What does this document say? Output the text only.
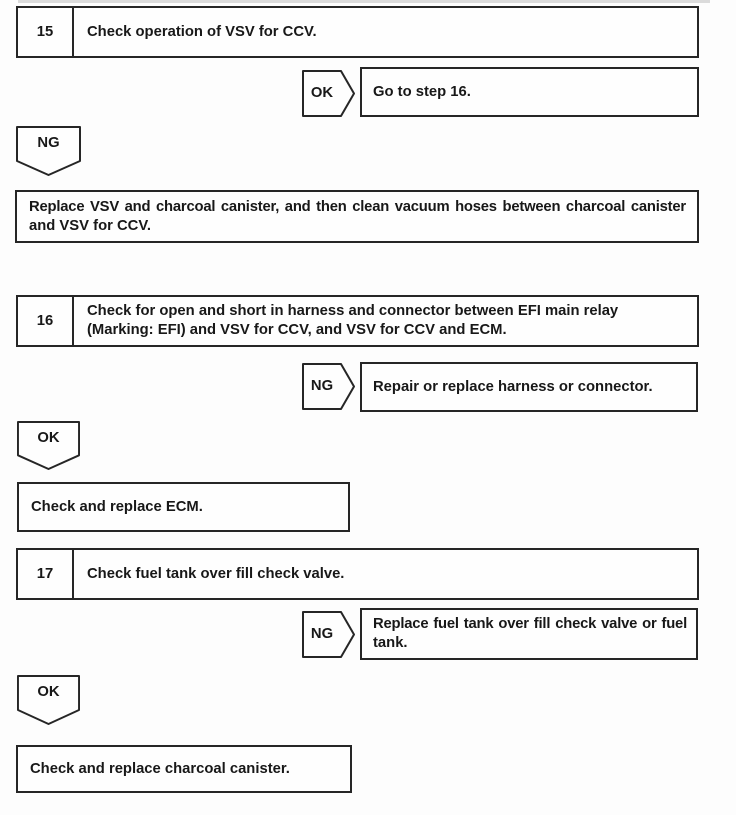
15	Check operation of VSV for CCV.
OK	Go to step 16.
NG
Replace VSV and charcoal canister, and then clean vacuum hoses between charcoal canister
and VSV for CCV.
16
Check for open and short in harness and connector between EFI main relay
(Marking: EFI) and VSV for CCV, and VSV for CCV and ECM.
NG	Repair or replace harness or connector.
OK
Check and replace ECM.
17	Check fuel tank over fill check valve.
NG
Replace fuel tank over fill check valve or fuel
tank.
OK
Check and replace charcoal canister.
